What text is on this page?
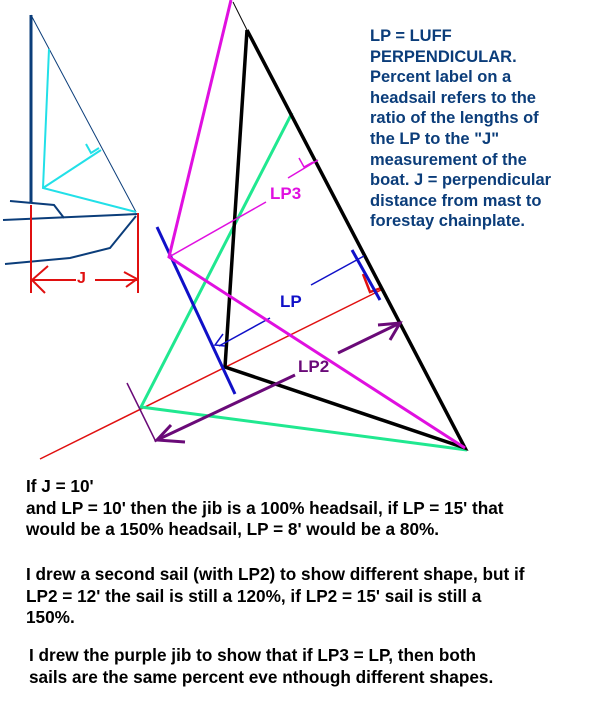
J
LP
LP2
LP3
LP = LUFF
PERPENDICULAR.
Percent label on a
headsail refers to the
ratio of the lengths of
the LP to the "J"
measurement of the
boat. J = perpendicular
distance from mast to
forestay chainplate.
If J = 10'
and LP = 10' then the jib is a 100% headsail, if LP = 15' that
would be a 150% headsail, LP = 8' would be a 80%.
I drew a second sail (with LP2) to show different shape, but if
LP2 = 12' the sail is still a 120%, if LP2 = 15' sail is still a
150%.
I drew the purple jib to show that if LP3 = LP, then both
sails are the same percent eve nthough different shapes.
